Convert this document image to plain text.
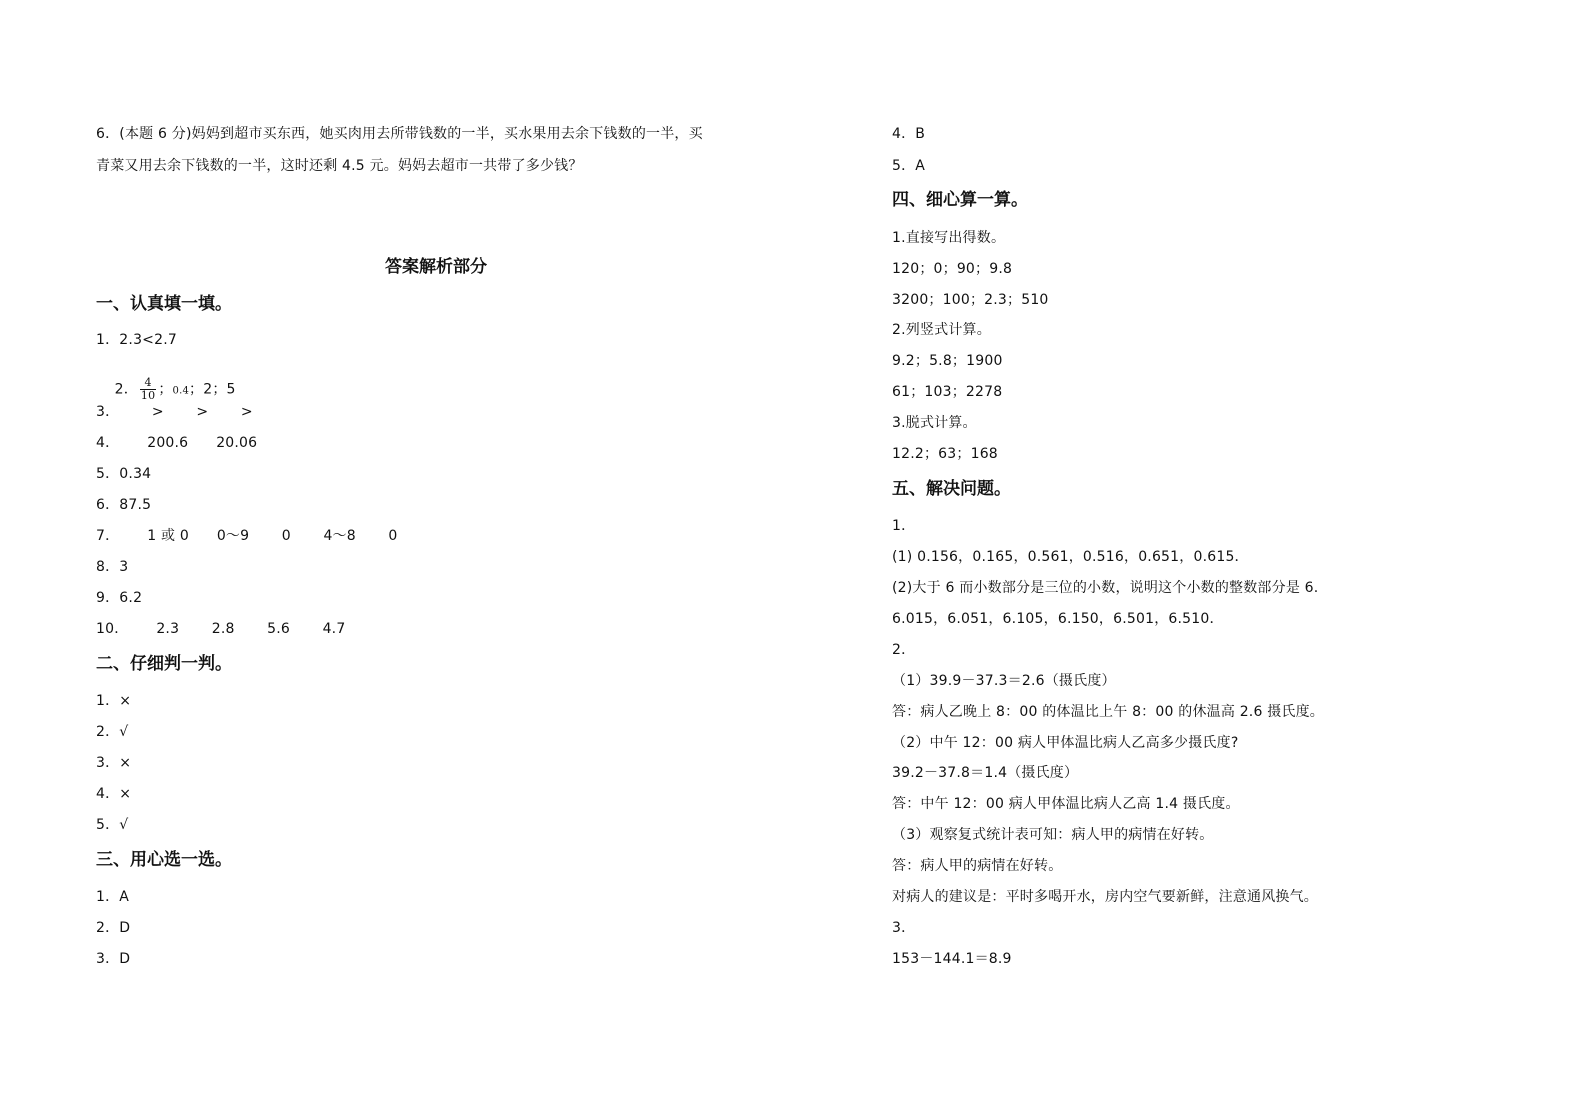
6．(本题 6 分)妈妈到超市买东西，她买肉用去所带钱数的一半，买水果用去余下钱数的一半，买
青菜又用去余下钱数的一半，这时还剩 4.5 元。妈妈去超市一共带了多少钱？
答案解析部分
一、认真填一填。
1．2.3<2.7

2． $\frac{4}{10}$ ；0.4；2；5

3．       >       >       >
4．      200.6      20.06
5．0.34
6．87.5
7．      1 或 0      0～9       0       4～8       0
8．3
9．6.2
10．      2.3       2.8       5.6       4.7
二、仔细判一判。
1．×
2．√
3．×
4．×
5．√
三、用心选一选。
1．A
2．D
3．D
4．B
5．A
四、细心算一算。
1.直接写出得数。
120；0；90；9.8
3200；100；2.3；510
2.列竖式计算。
9.2；5.8；1900
61；103；2278
3.脱式计算。
12.2；63；168
五、解决问题。
1．
(1) 0.156，0.165，0.561，0.516，0.651，0.615．
(2)大于 6 而小数部分是三位的小数，说明这个小数的整数部分是 6.
6.015，6.051，6.105，6.150，6.501，6.510．
2．
（1）39.9－37.3＝2.6（摄氏度）
答：病人乙晚上 8：00 的体温比上午 8：00 的休温高 2.6 摄氏度。
（2）中午 12：00 病人甲体温比病人乙高多少摄氏度?
39.2－37.8＝1.4（摄氏度）
答：中午 12：00 病人甲体温比病人乙高 1.4 摄氏度。
（3）观察复式统计表可知：病人甲的病情在好转。
答：病人甲的病情在好转。
对病人的建议是：平时多喝开水，房内空气要新鲜，注意通风换气。
3．
153－144.1＝8.9
